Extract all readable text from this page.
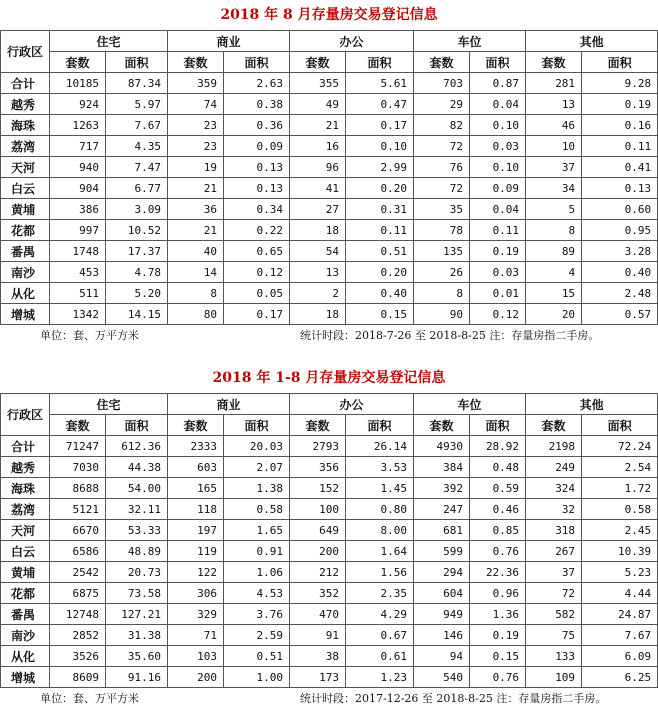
2018 年 8 月存量房交易登记信息
行政区	住宅		商业		办公		车位		其他	
	套数	面积	套数	面积	套数	面积	套数	面积	套数	面积
合计	10185	87.34	359	2.63	355	5.61	703	0.87	281	9.28
越秀	924	5.97	74	0.38	49	0.47	29	0.04	13	0.19
海珠	1263	7.67	23	0.36	21	0.17	82	0.10	46	0.16
荔湾	717	4.35	23	0.09	16	0.10	72	0.03	10	0.11
天河	940	7.47	19	0.13	96	2.99	76	0.10	37	0.41
白云	904	6.77	21	0.13	41	0.20	72	0.09	34	0.13
黄埔	386	3.09	36	0.34	27	0.31	35	0.04	5	0.60
花都	997	10.52	21	0.22	18	0.11	78	0.11	8	0.95
番禺	1748	17.37	40	0.65	54	0.51	135	0.19	89	3.28
南沙	453	4.78	14	0.12	13	0.20	26	0.03	4	0.40
从化	511	5.20	8	0.05	2	0.40	8	0.01	15	2.48
增城	1342	14.15	80	0.17	18	0.15	90	0.12	20	0.57
单位：套、万平方米	统计时段：2018-7-26 至 2018-8-25 注：存量房指二手房。
2018 年 1-8 月存量房交易登记信息
行政区	住宅		商业		办公		车位		其他	
	套数	面积	套数	面积	套数	面积	套数	面积	套数	面积
合计	71247	612.36	2333	20.03	2793	26.14	4930	28.92	2198	72.24
越秀	7030	44.38	603	2.07	356	3.53	384	0.48	249	2.54
海珠	8688	54.00	165	1.38	152	1.45	392	0.59	324	1.72
荔湾	5121	32.11	118	0.58	100	0.80	247	0.46	32	0.58
天河	6670	53.33	197	1.65	649	8.00	681	0.85	318	2.45
白云	6586	48.89	119	0.91	200	1.64	599	0.76	267	10.39
黄埔	2542	20.73	122	1.06	212	1.56	294	22.36	37	5.23
花都	6875	73.58	306	4.53	352	2.35	604	0.96	72	4.44
番禺	12748	127.21	329	3.76	470	4.29	949	1.36	582	24.87
南沙	2852	31.38	71	2.59	91	0.67	146	0.19	75	7.67
从化	3526	35.60	103	0.51	38	0.61	94	0.15	133	6.09
增城	8609	91.16	200	1.00	173	1.23	540	0.76	109	6.25
单位：套、万平方米	统计时段：2017-12-26 至 2018-8-25 注：存量房指二手房。
